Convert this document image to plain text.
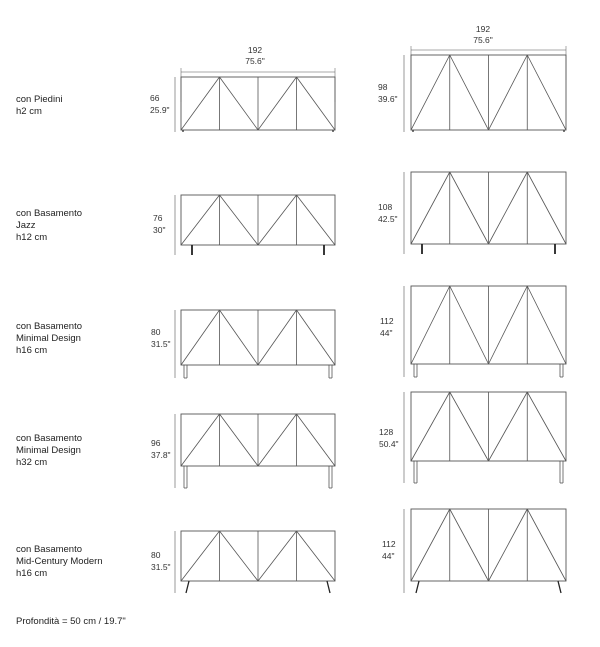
192
75.6"
192
75.6"
con Piedini
h2 cm
66
25.9"
98
39.6"
con Basamento
Jazz
h12 cm
76
30"
108
42.5"
con Basamento
Minimal Design
h16 cm
80
31.5"
112
44"
con Basamento
Minimal Design
h32 cm
96
37.8"
128
50.4"
con Basamento
Mid-Century Modern
h16 cm
80
31.5"
112
44"
Profondità = 50 cm / 19.7"
